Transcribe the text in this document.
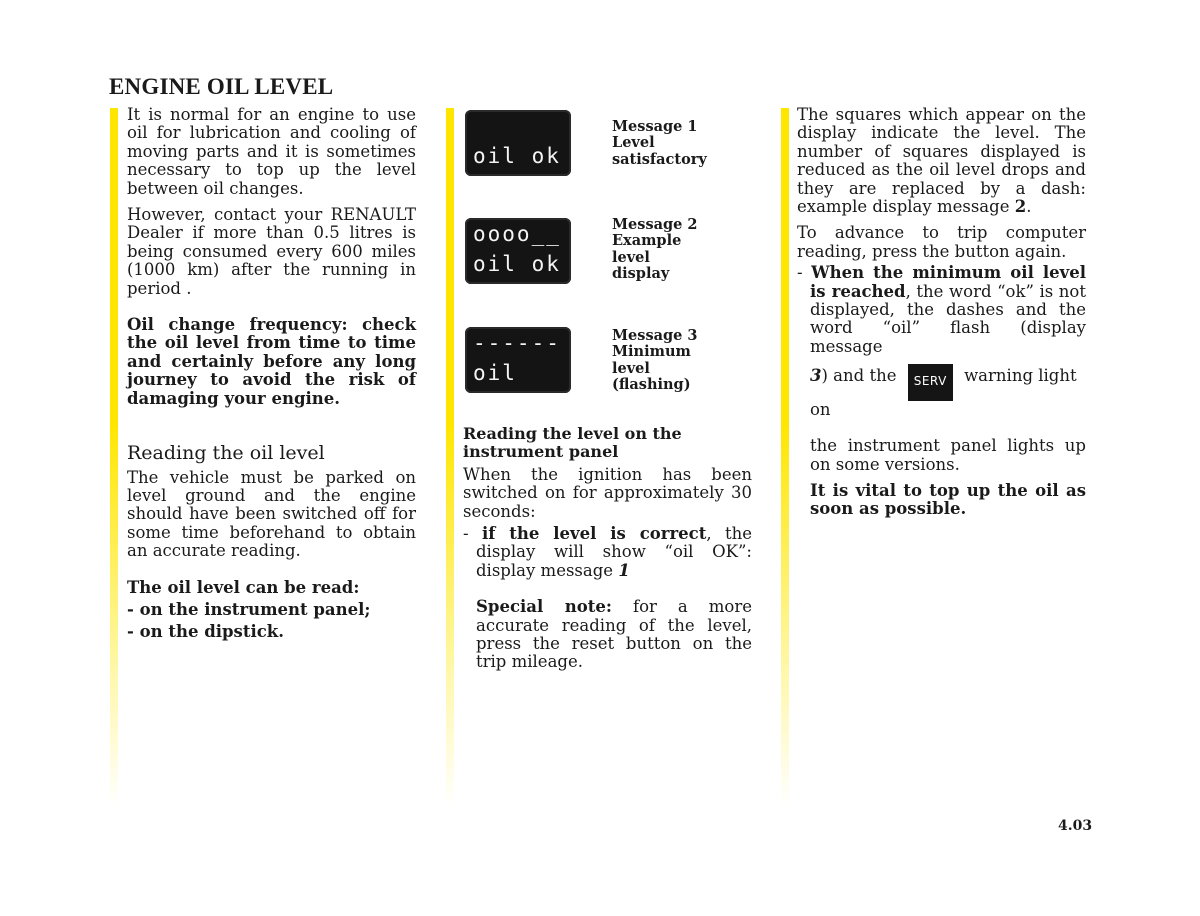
ENGINE OIL LEVEL

It is normal for an engine to use oil for lubrication and cooling of moving parts and it is sometimes necessary to top up the level between oil changes.

However, contact your RENAULT Dealer if more than 0.5 litres is being consumed every 600 miles (1000 km) after the running in period .

Oil change frequency: check the oil level from time to time and certainly before any long journey to avoid the risk of damaging your engine.

Reading the oil level

The vehicle must be parked on level ground and the engine should have been switched off for some time beforehand to obtain an accurate reading.

The oil level can be read:

- on the instrument panel;

- on the dipstick.

oil ok
Message 1
Level
satisfactory
oooo__
oil ok
Message 2
Example
level
display
------
oil
Message 3
Minimum
level
(flashing)

Reading the level on the instrument panel

When the ignition has been switched on for approximately 30 seconds:

- if the level is correct, the display will show “oil OK”: display message 1

Special note: for a more accurate reading of the level, press the reset button on the trip mileage.

The squares which appear on the display indicate the level. The number of squares displayed is reduced as the oil level drops and they are replaced by a dash: example display message 2.

To advance to trip computer reading, press the button again.

- When the minimum oil level is reached, the word “ok” is not displayed, the dashes and the word “oil” flash (display message

3) and the SERV warning light on

the instrument panel lights up on some versions.

It is vital to top up the oil as soon as possible.

4.03
